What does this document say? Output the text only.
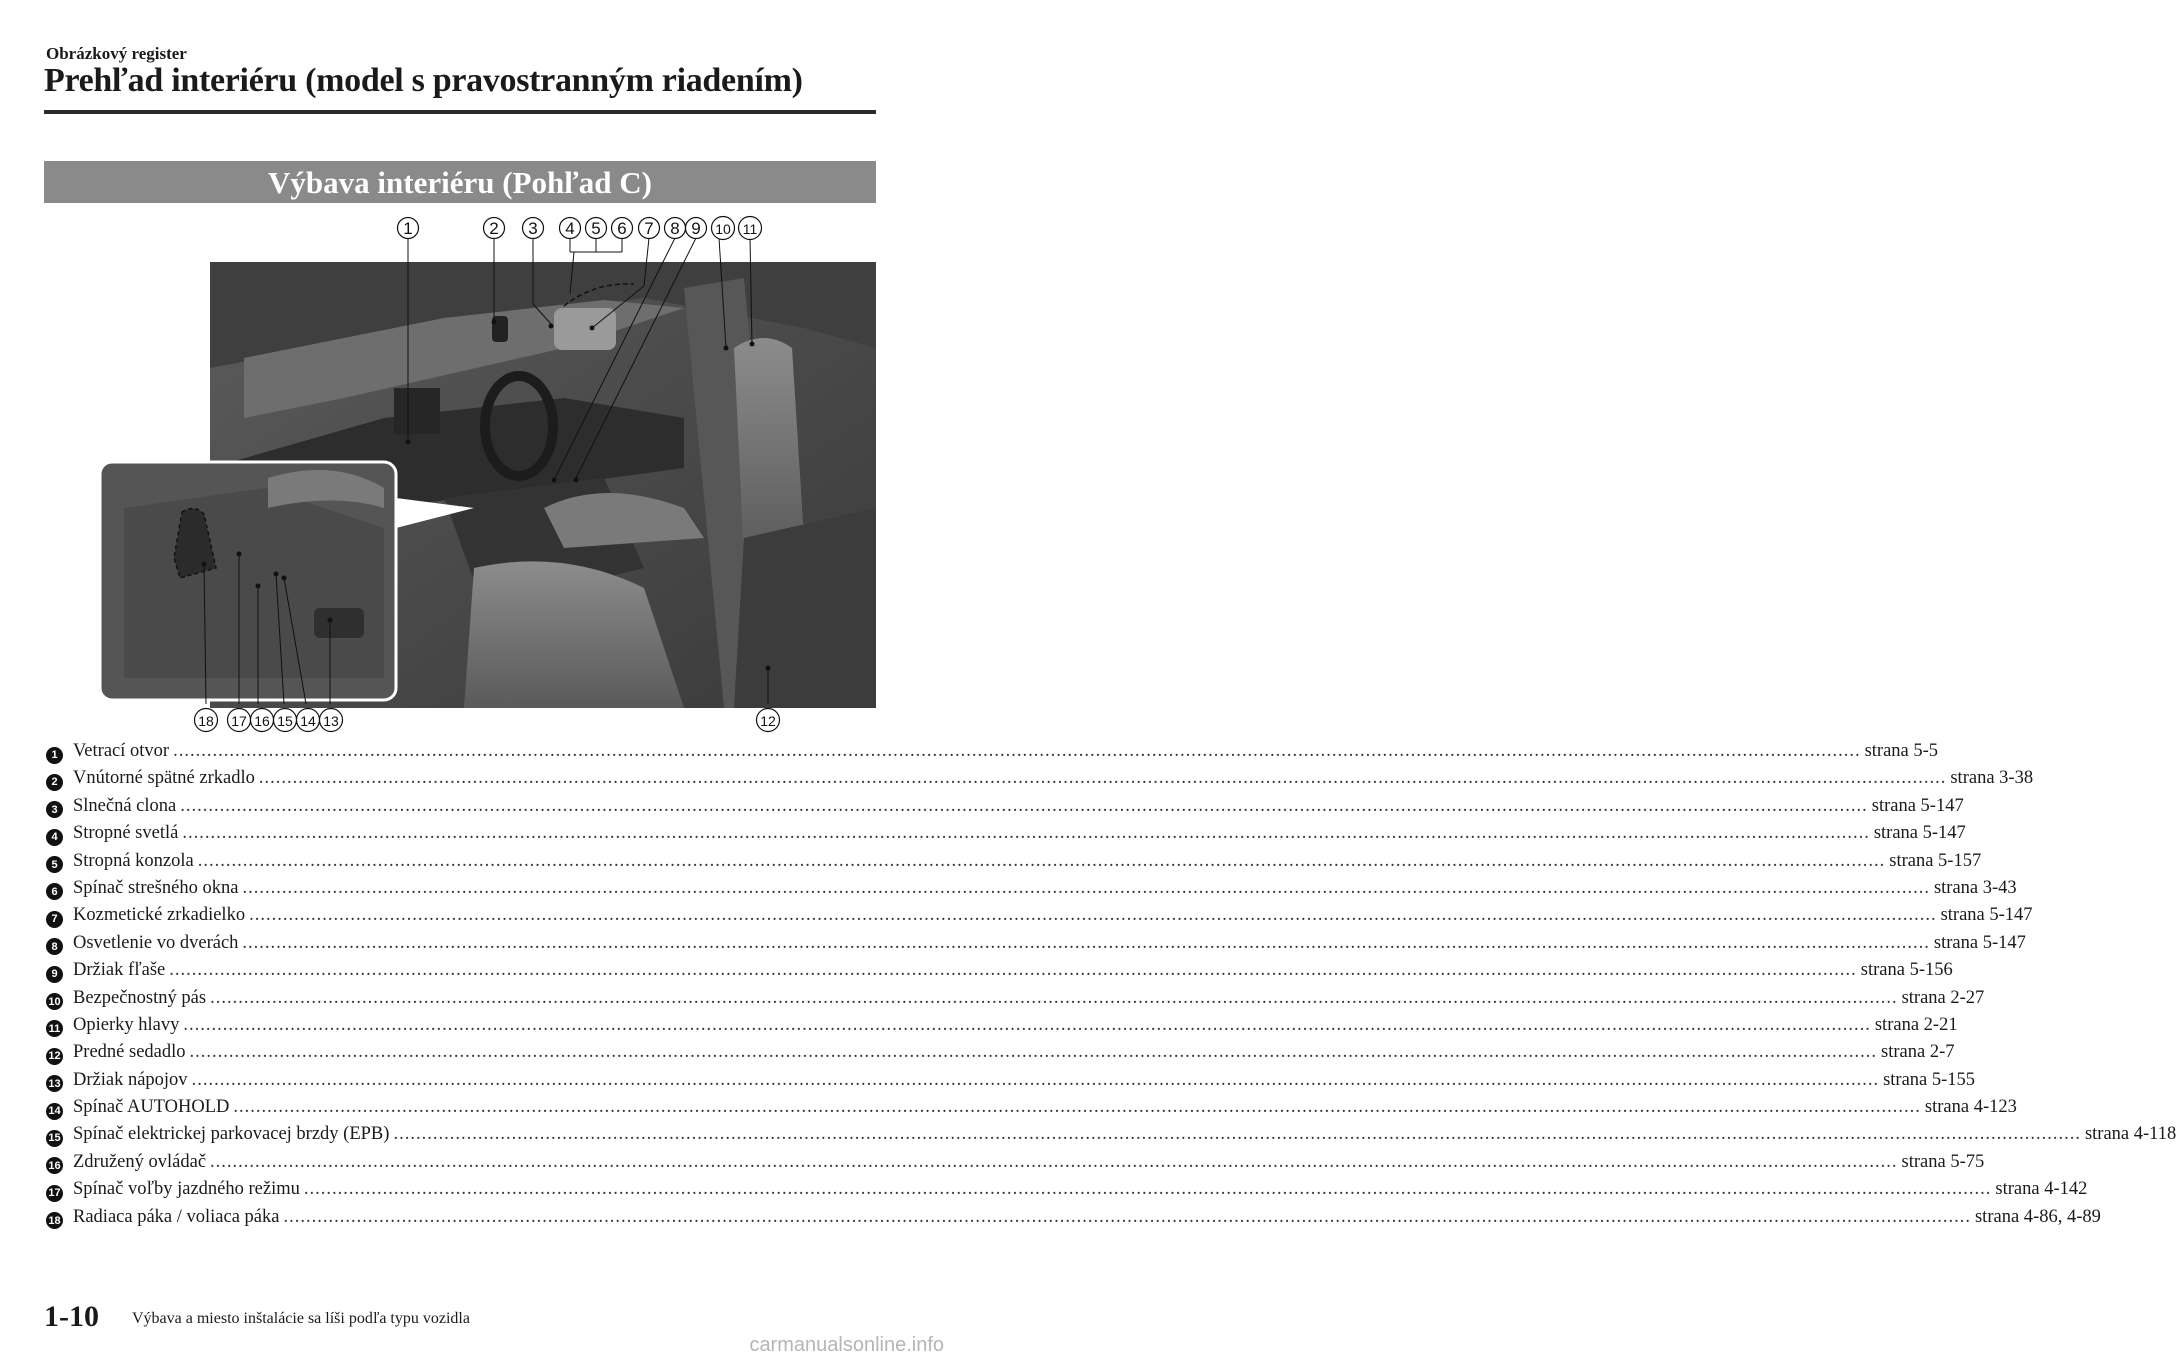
Obrázkový register
Prehľad interiéru (model s pravostranným riadením)
Výbava interiéru (Pohľad C)
1	2 3 4 5 6 7 8 9 10 11
18 17 16 15 14 13	12
1 Vetrací otvor ............................................................................................................................................................................................................................................................................................................ strana 5-5
2 Vnútorné spätné zrkadlo ............................................................................................................................................................................................................................................................................................................ strana 3-38
3 Slnečná clona ............................................................................................................................................................................................................................................................................................................ strana 5-147
4 Stropné svetlá ............................................................................................................................................................................................................................................................................................................ strana 5-147
5 Stropná konzola ............................................................................................................................................................................................................................................................................................................ strana 5-157
6 Spínač strešného okna ............................................................................................................................................................................................................................................................................................................ strana 3-43
7 Kozmetické zrkadielko ............................................................................................................................................................................................................................................................................................................ strana 5-147
8 Osvetlenie vo dverách ............................................................................................................................................................................................................................................................................................................ strana 5-147
9 Držiak fľaše ............................................................................................................................................................................................................................................................................................................ strana 5-156
10 Bezpečnostný pás ............................................................................................................................................................................................................................................................................................................ strana 2-27
11 Opierky hlavy ............................................................................................................................................................................................................................................................................................................ strana 2-21
12 Predné sedadlo ............................................................................................................................................................................................................................................................................................................ strana 2-7
13 Držiak nápojov ............................................................................................................................................................................................................................................................................................................ strana 5-155
14 Spínač AUTOHOLD ............................................................................................................................................................................................................................................................................................................ strana 4-123
15 Spínač elektrickej parkovacej brzdy (EPB) ............................................................................................................................................................................................................................................................................................................ strana 4-118
16 Združený ovládač ............................................................................................................................................................................................................................................................................................................ strana 5-75
17 Spínač voľby jazdného režimu ............................................................................................................................................................................................................................................................................................................ strana 4-142
18 Radiaca páka / voliaca páka ............................................................................................................................................................................................................................................................................................................ strana 4-86, 4-89
1-10 Výbava a miesto inštalácie sa líši podľa typu vozidla
carmanualsonline.info
